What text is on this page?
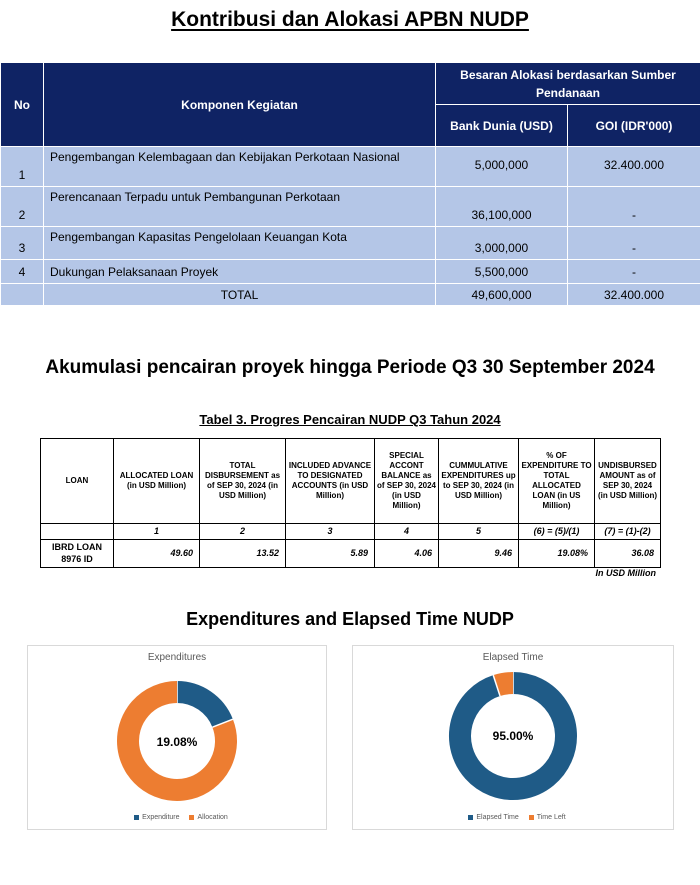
Kontribusi dan Alokasi APBN NUDP
No	Komponen Kegiatan	Besaran Alokasi berdasarkan Sumber Pendanaan	
		Bank Dunia (USD)	GOI (IDR'000)
1	Pengembangan Kelembagaan dan Kebijakan Perkotaan Nasional	5,000,000	32.400.000
2	Perencanaan Terpadu untuk Pembangunan Perkotaan	36,100,000	-
3	Pengembangan Kapasitas Pengelolaan Keuangan Kota	3,000,000	-
4	Dukungan Pelaksanaan Proyek	5,500,000	-
	TOTAL	49,600,000	32.400.000
Akumulasi pencairan proyek hingga Periode Q3 30 September 2024
Tabel 3. Progres Pencairan NUDP Q3 Tahun 2024
LOAN	ALLOCATED LOAN (in USD Million)	TOTAL DISBURSEMENT as of SEP 30, 2024 (in USD Million)	INCLUDED ADVANCE TO DESIGNATED ACCOUNTS (in USD Million)	SPECIAL ACCONT BALANCE as of SEP 30, 2024 (in USD Million)	CUMMULATIVE EXPENDITURES up to SEP 30, 2024 (in USD Million)	% OF EXPENDITURE TO TOTAL ALLOCATED LOAN (in US Million)	UNDISBURSED AMOUNT as of SEP 30, 2024 (in USD Million)
	1	2	3	4	5	(6) = (5)/(1)	(7) = (1)-(2)
IBRD LOAN 8976 ID	49.60	13.52	5.89	4.06	9.46	19.08%	36.08
In USD Million
Expenditures and Elapsed Time NUDP
Expenditures
19.08%
Expenditure	Allocation
Elapsed Time
95.00%
Elapsed Time	Time Left
